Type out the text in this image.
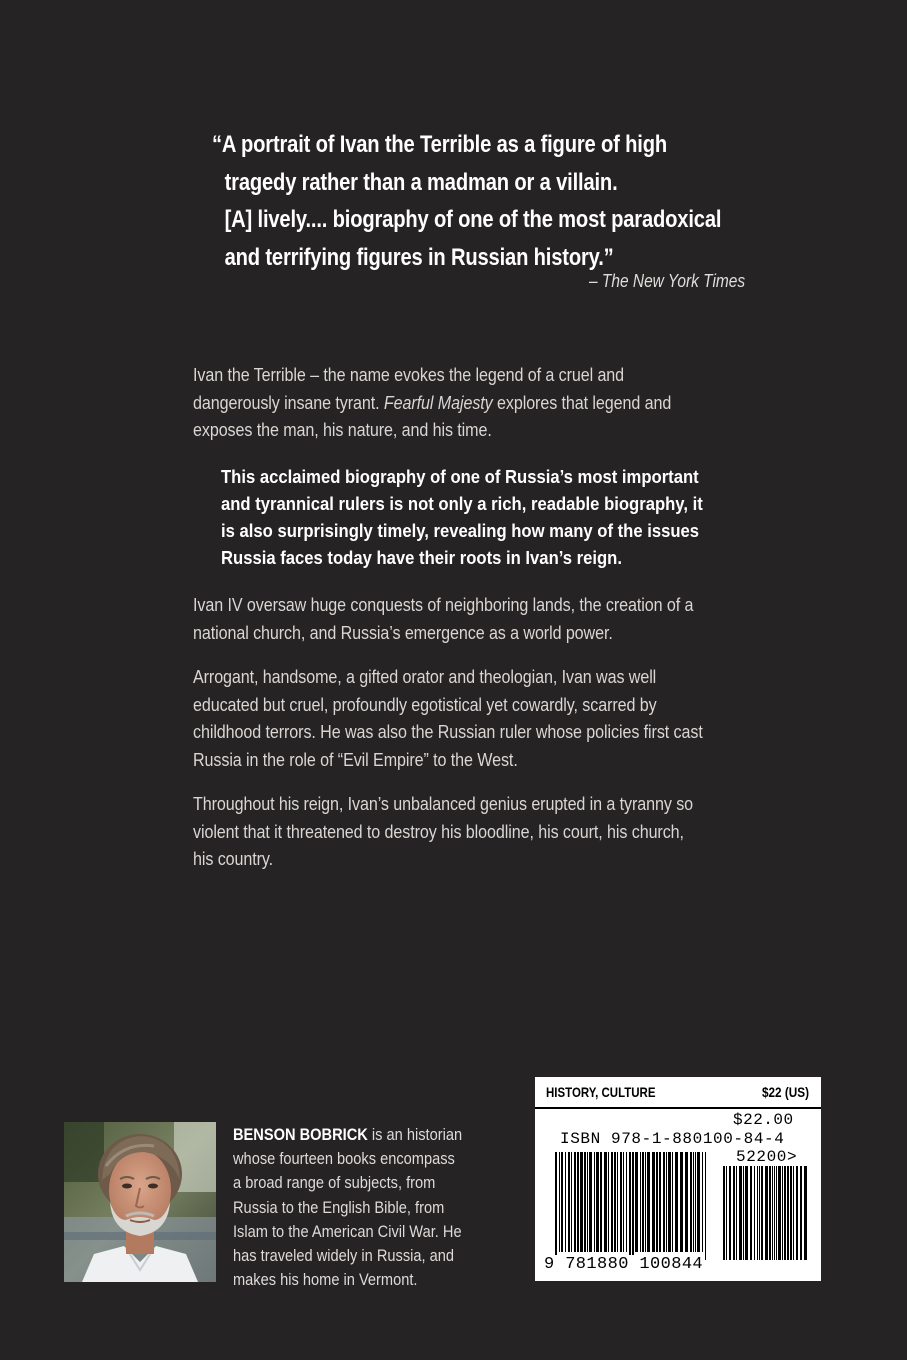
“A portrait of Ivan the Terrible as a figure of high
tragedy rather than a madman or a villain.
[A] lively.... biography of one of the most paradoxical
and terrifying figures in Russian history.”
– The New York Times
Ivan the Terrible – the name evokes the legend of a cruel and
dangerously insane tyrant. Fearful Majesty explores that legend and
exposes the man, his nature, and his time.
This acclaimed biography of one of Russia’s most important
and tyrannical rulers is not only a rich, readable biography, it
is also surprisingly timely, revealing how many of the issues
Russia faces today have their roots in Ivan’s reign.
Ivan IV oversaw huge conquests of neighboring lands, the creation of a
national church, and Russia’s emergence as a world power.
Arrogant, handsome, a gifted orator and theologian, Ivan was well
educated but cruel, profoundly egotistical yet cowardly, scarred by
childhood terrors. He was also the Russian ruler whose policies first cast
Russia in the role of “Evil Empire” to the West.
Throughout his reign, Ivan’s unbalanced genius erupted in a tyranny so
violent that it threatened to destroy his bloodline, his court, his church,
his country.
BENSON BOBRICK is an historian
whose fourteen books encompass
a broad range of subjects, from
Russia to the English Bible, from
Islam to the American Civil War. He
has traveled widely in Russia, and
makes his home in Vermont.
HISTORY, CULTURE	$22 (US)
$22.00
ISBN 978-1-880100-84-4
52200>
9 781880 100844
